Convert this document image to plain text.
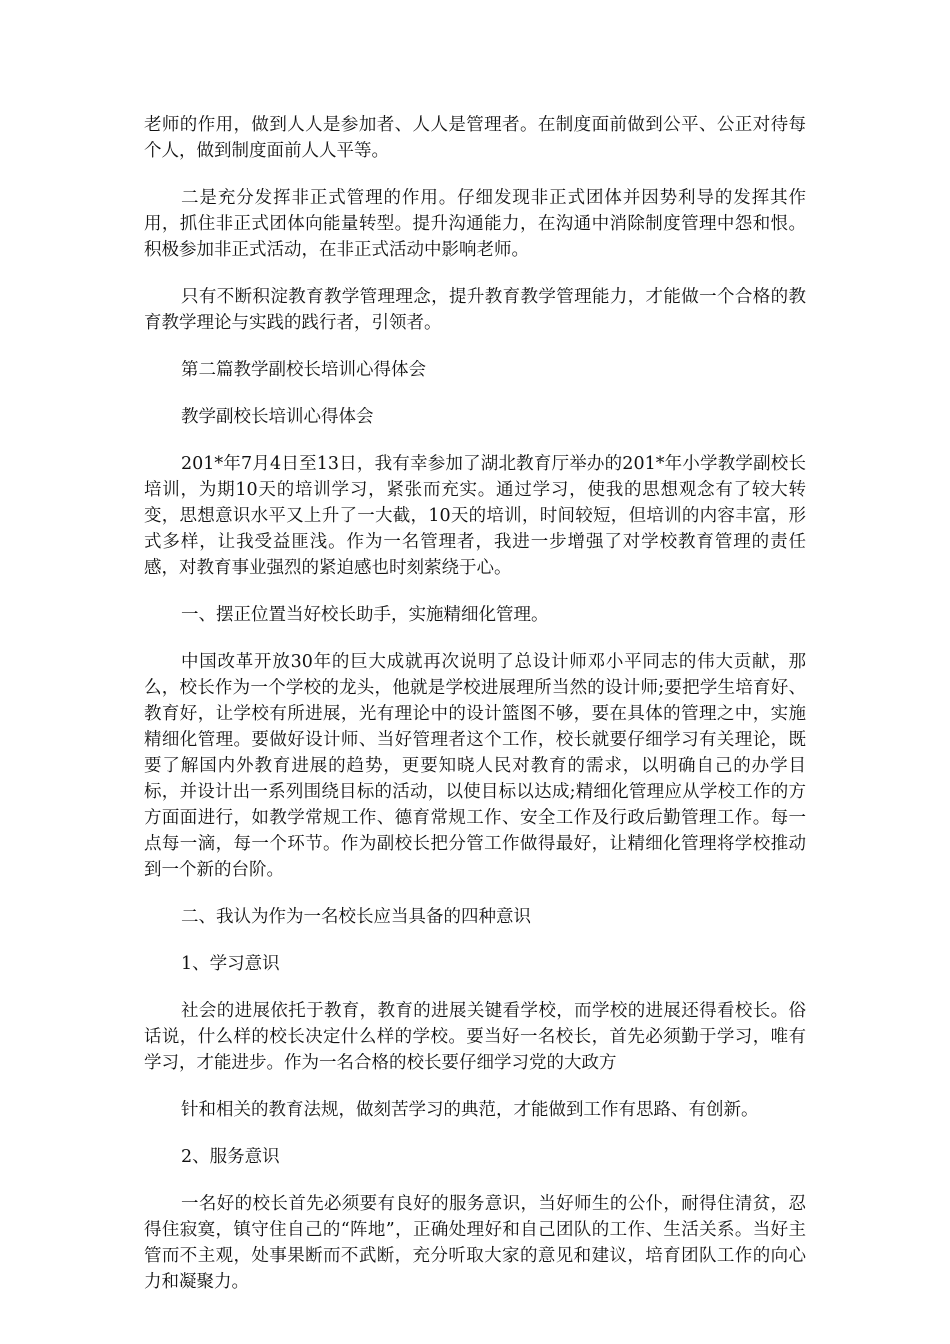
老师的作用，做到人人是参加者、人人是管理者。在制度面前做到公平、公正对待每个人，做到制度面前人人平等。

二是充分发挥非正式管理的作用。仔细发现非正式团体并因势利导的发挥其作用，抓住非正式团体向能量转型。提升沟通能力，在沟通中消除制度管理中怨和恨。积极参加非正式活动，在非正式活动中影响老师。

只有不断积淀教育教学管理理念，提升教育教学管理能力，才能做一个合格的教育教学理论与实践的践行者，引领者。

第二篇教学副校长培训心得体会

教学副校长培训心得体会

201*年7月4日至13日，我有幸参加了湖北教育厅举办的201*年小学教学副校长培训，为期10天的培训学习，紧张而充实。通过学习，使我的思想观念有了较大转变，思想意识水平又上升了一大截，10天的培训，时间较短，但培训的内容丰富，形式多样，让我受益匪浅。作为一名管理者，我进一步增强了对学校教育管理的责任感，对教育事业强烈的紧迫感也时刻萦绕于心。

一、摆正位置当好校长助手，实施精细化管理。

中国改革开放30年的巨大成就再次说明了总设计师邓小平同志的伟大贡献，那么，校长作为一个学校的龙头，他就是学校进展理所当然的设计师;要把学生培育好、教育好，让学校有所进展，光有理论中的设计篮图不够，要在具体的管理之中，实施精细化管理。要做好设计师、当好管理者这个工作，校长就要仔细学习有关理论，既要了解国内外教育进展的趋势，更要知晓人民对教育的需求，以明确自己的办学目标，并设计出一系列围绕目标的活动，以使目标以达成;精细化管理应从学校工作的方方面面进行，如教学常规工作、德育常规工作、安全工作及行政后勤管理工作。每一点每一滴，每一个环节。作为副校长把分管工作做得最好，让精细化管理将学校推动到一个新的台阶。

二、我认为作为一名校长应当具备的四种意识

1、学习意识

社会的进展依托于教育，教育的进展关键看学校，而学校的进展还得看校长。俗话说，什么样的校长决定什么样的学校。要当好一名校长，首先必须勤于学习，唯有学习，才能进步。作为一名合格的校长要仔细学习党的大政方

针和相关的教育法规，做刻苦学习的典范，才能做到工作有思路、有创新。

2、服务意识

一名好的校长首先必须要有良好的服务意识，当好师生的公仆，耐得住清贫，忍得住寂寞，镇守住自己的“阵地”，正确处理好和自己团队的工作、生活关系。当好主管而不主观，处事果断而不武断，充分听取大家的意见和建议，培育团队工作的向心力和凝聚力。
